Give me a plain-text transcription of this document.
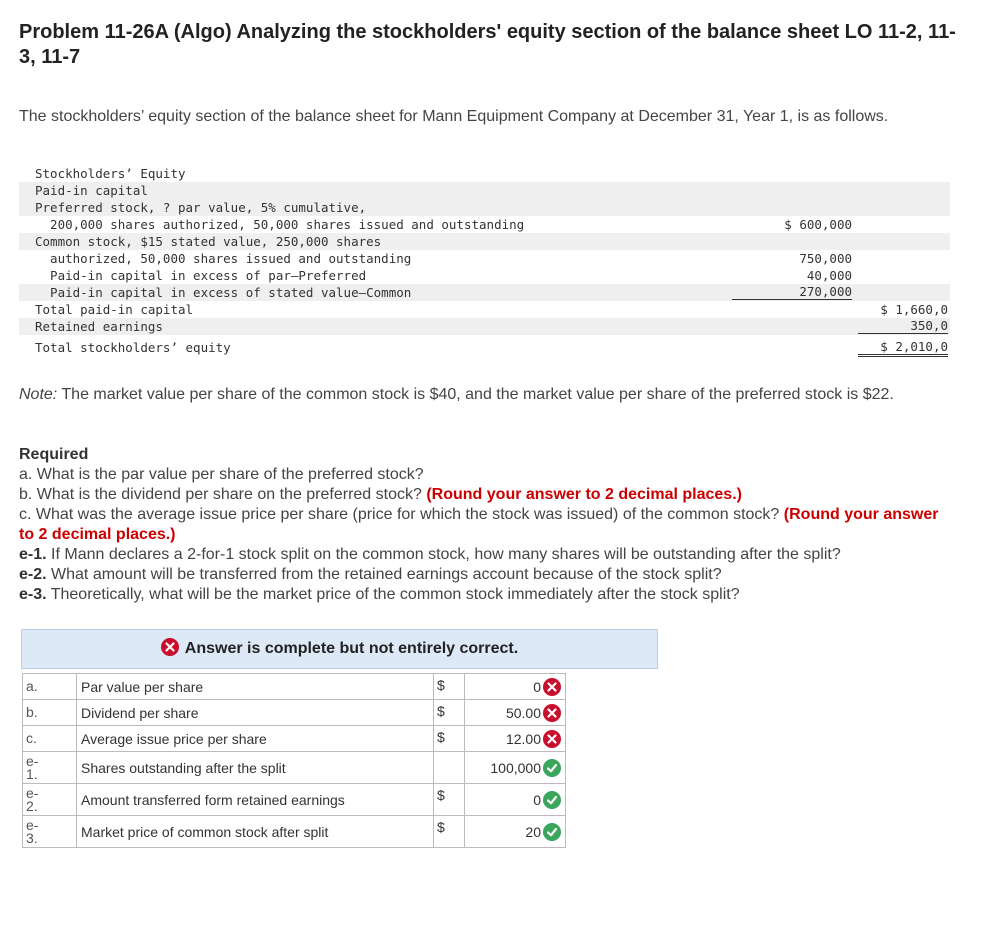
Problem 11-26A (Algo) Analyzing the stockholders' equity section of the balance sheet LO 11-2, 11-3, 11-7
The stockholders’ equity section of the balance sheet for Mann Equipment Company at December 31, Year 1, is as follows.
Stockholders’ Equity
Paid-in capital
Preferred stock, ? par value, 5% cumulative,
200,000 shares authorized, 50,000 shares issued and outstanding	$ 600,000
Common stock, $15 stated value, 250,000 shares
authorized, 50,000 shares issued and outstanding	750,000
Paid-in capital in excess of par—Preferred	40,000
Paid-in capital in excess of stated value—Common	270,000
Total paid-in capital	$ 1,660,0
Retained earnings	350,0
Total stockholders’ equity	$ 2,010,0
Note: The market value per share of the common stock is $40, and the market value per share of the preferred stock is $22.
Required
a. What is the par value per share of the preferred stock?
b. What is the dividend per share on the preferred stock? (Round your answer to 2 decimal places.)
c. What was the average issue price per share (price for which the stock was issued) of the common stock? (Round your answer to 2 decimal places.)
e-1. If Mann declares a 2-for-1 stock split on the common stock, how many shares will be outstanding after the split?
e-2. What amount will be transferred from the retained earnings account because of the stock split?
e-3. Theoretically, what will be the market price of the common stock immediately after the stock split?
Answer is complete but not entirely correct.
a.	Par value per share	$	0

b.	Dividend per share	$	50.00

c.	Average issue price per share	$	12.00

e-
1.	Shares outstanding after the split		100,000

e-
2.	Amount transferred form retained earnings	$	0

e-
3.	Market price of common stock after split	$	20
